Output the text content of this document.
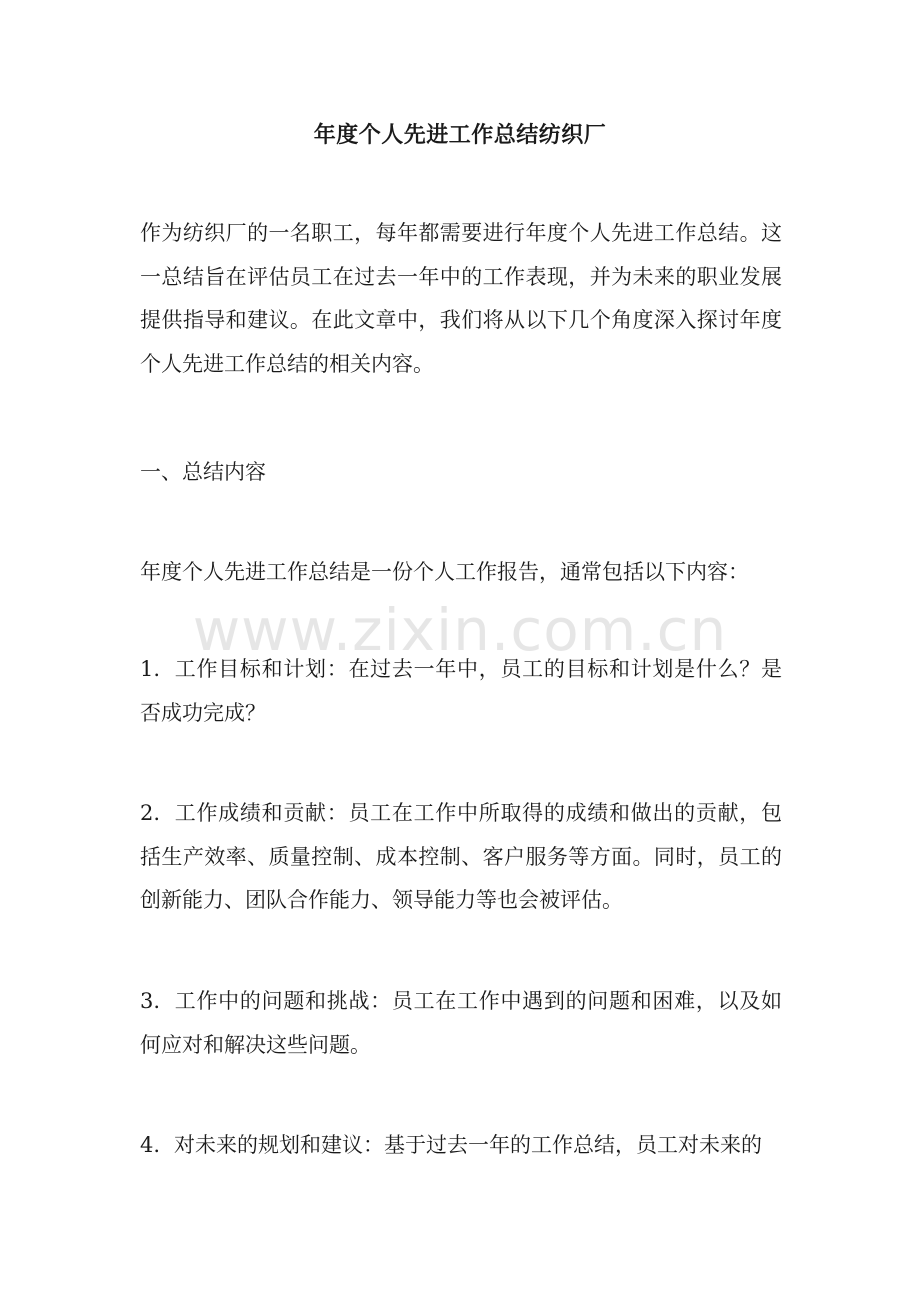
年度个人先进工作总结纺织厂

作为纺织厂的一名职工，每年都需要进行年度个人先进工作总结。这一总结旨在评估员工在过去一年中的工作表现，并为未来的职业发展提供指导和建议。在此文章中，我们将从以下几个角度深入探讨年度个人先进工作总结的相关内容。

一、总结内容

年度个人先进工作总结是一份个人工作报告，通常包括以下内容：

1. 工作目标和计划：在过去一年中，员工的目标和计划是什么？是否成功完成？

2. 工作成绩和贡献：员工在工作中所取得的成绩和做出的贡献，包括生产效率、质量控制、成本控制、客户服务等方面。同时，员工的创新能力、团队合作能力、领导能力等也会被评估。

3. 工作中的问题和挑战：员工在工作中遇到的问题和困难，以及如何应对和解决这些问题。

4. 对未来的规划和建议：基于过去一年的工作总结，员工对未来的

www.zixin.com.cn
